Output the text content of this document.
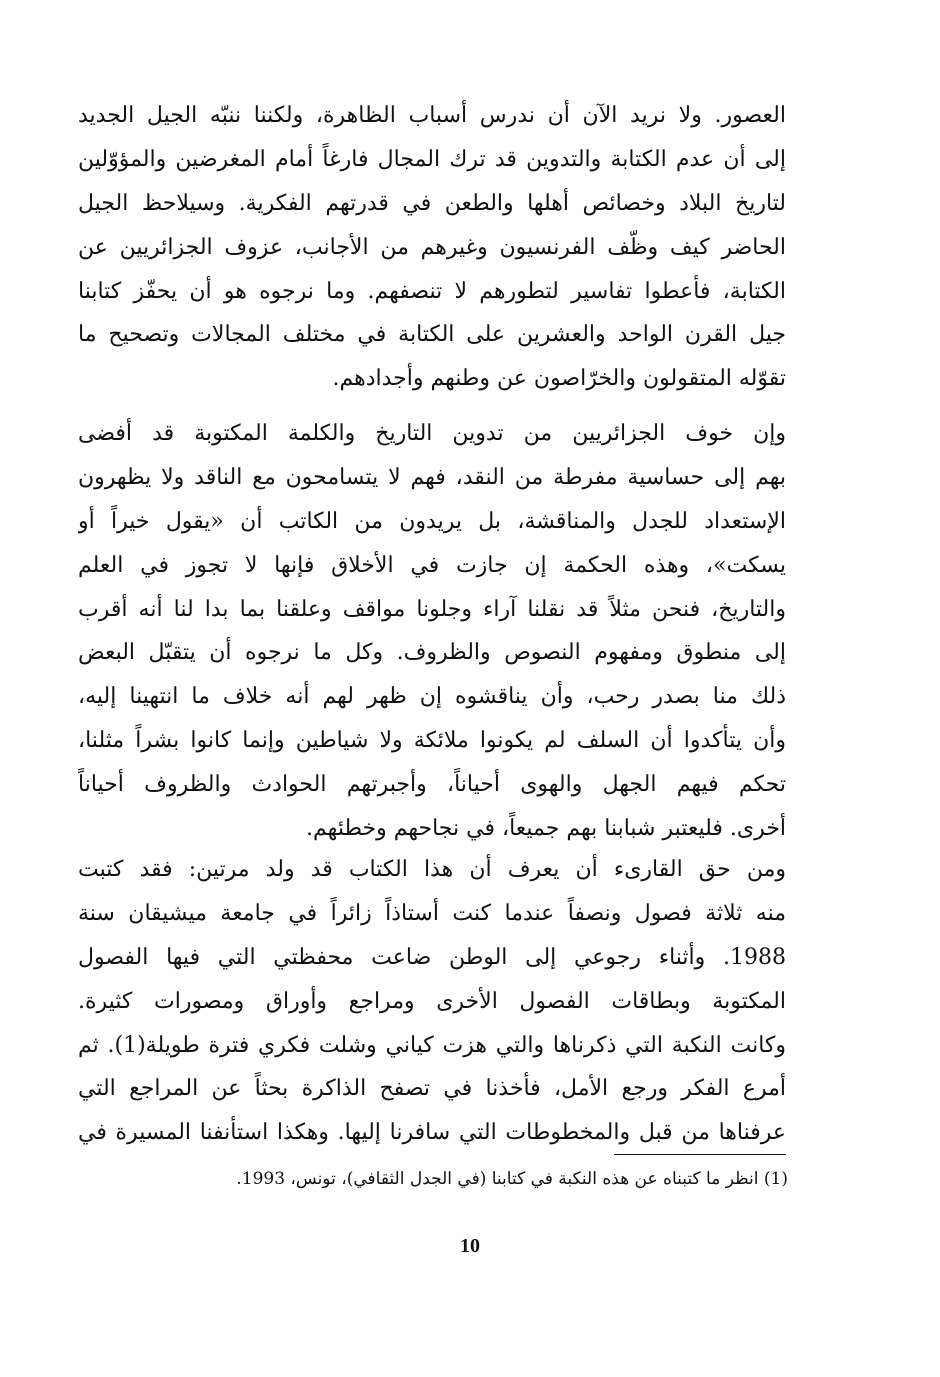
العصور. ولا نريد الآن أن ندرس أسباب الظاهرة، ولكننا ننبّه الجيل الجديد
إلى أن عدم الكتابة والتدوين قد ترك المجال فارغاً أمام المغرضين والمؤوّلين
لتاريخ البلاد وخصائص أهلها والطعن في قدرتهم الفكرية. وسيلاحظ الجيل
الحاضر كيف وظّف الفرنسيون وغيرهم من الأجانب، عزوف الجزائريين عن
الكتابة، فأعطوا تفاسير لتطورهم لا تنصفهم. وما نرجوه هو أن يحفّز كتابنا
جيل القرن الواحد والعشرين على الكتابة في مختلف المجالات وتصحيح ما
تقوّله المتقولون والخرّاصون عن وطنهم وأجدادهم.
وإن خوف الجزائريين من تدوين التاريخ والكلمة المكتوبة قد أفضى
بهم إلى حساسية مفرطة من النقد، فهم لا يتسامحون مع الناقد ولا يظهرون
الإستعداد للجدل والمناقشة، بل يريدون من الكاتب أن «يقول خيراً أو
يسكت»، وهذه الحكمة إن جازت في الأخلاق فإنها لا تجوز في العلم
والتاريخ، فنحن مثلاً قد نقلنا آراء وجلونا مواقف وعلقنا بما بدا لنا أنه أقرب
إلى منطوق ومفهوم النصوص والظروف. وكل ما نرجوه أن يتقبّل البعض
ذلك منا بصدر رحب، وأن يناقشوه إن ظهر لهم أنه خلاف ما انتهينا إليه،
وأن يتأكدوا أن السلف لم يكونوا ملائكة ولا شياطين وإنما كانوا بشراً مثلنا،
تحكم فيهم الجهل والهوى أحياناً، وأجبرتهم الحوادث والظروف أحياناً
أخرى. فليعتبر شبابنا بهم جميعاً، في نجاحهم وخطئهم.
ومن حق القارىء أن يعرف أن هذا الكتاب قد ولد مرتين: فقد كتبت
منه ثلاثة فصول ونصفاً عندما كنت أستاذاً زائراً في جامعة ميشيقان سنة
1988. وأثناء رجوعي إلى الوطن ضاعت محفظتي التي فيها الفصول
المكتوبة وبطاقات الفصول الأخرى ومراجع وأوراق ومصورات كثيرة.
وكانت النكبة التي ذكرناها والتي هزت كياني وشلت فكري فترة طويلة(1). ثم
أمرع الفكر ورجع الأمل، فأخذنا في تصفح الذاكرة بحثاً عن المراجع التي
عرفناها من قبل والمخطوطات التي سافرنا إليها. وهكذا استأنفنا المسيرة في
(1) انظر ما كتبناه عن هذه النكبة في كتابنا (في الجدل الثقافي)، تونس، 1993.
10
